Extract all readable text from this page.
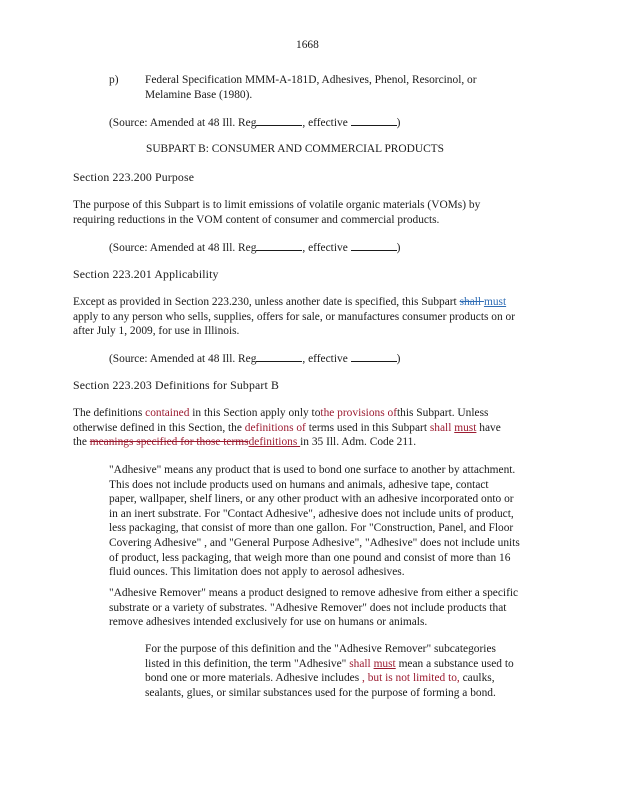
1668
p) Federal Specification MMM-A-181D, Adhesives, Phenol, Resorcinol, or
Melamine Base (1980).
(Source: Amended at 48 Ill. Reg	, effective	)
SUBPART B: CONSUMER AND COMMERCIAL PRODUCTS
Section 223.200 Purpose
The purpose of this Subpart is to limit emissions of volatile organic materials (VOMs) by
requiring reductions in the VOM content of consumer and commercial products.
(Source: Amended at 48 Ill. Reg	, effective	)
Section 223.201 Applicability
Except as provided in Section 223.230, unless another date is specified, this Subpart shall must
apply to any person who sells, supplies, offers for sale, or manufactures consumer products on or
after July 1, 2009, for use in Illinois.
(Source: Amended at 48 Ill. Reg	, effective	)
Section 223.203 Definitions for Subpart B
The definitions contained in this Section apply only tothe provisions ofthis Subpart. Unless
otherwise defined in this Section, the definitions of terms used in this Subpart shall must have
the meanings specified for those termsdefinitions in 35 Ill. Adm. Code 211.
"Adhesive" means any product that is used to bond one surface to another by attachment.
This does not include products used on humans and animals, adhesive tape, contact
paper, wallpaper, shelf liners, or any other product with an adhesive incorporated onto or
in an inert substrate. For "Contact Adhesive", adhesive does not include units of product,
less packaging, that consist of more than one gallon. For "Construction, Panel, and Floor
Covering Adhesive" , and "General Purpose Adhesive", "Adhesive" does not include units
of product, less packaging, that weigh more than one pound and consist of more than 16
fluid ounces. This limitation does not apply to aerosol adhesives.
"Adhesive Remover" means a product designed to remove adhesive from either a specific
substrate or a variety of substrates. "Adhesive Remover" does not include products that
remove adhesives intended exclusively for use on humans or animals.
For the purpose of this definition and the "Adhesive Remover" subcategories
listed in this definition, the term "Adhesive" shall must mean a substance used to
bond one or more materials. Adhesive includes , but is not limited to, caulks,
sealants, glues, or similar substances used for the purpose of forming a bond.
